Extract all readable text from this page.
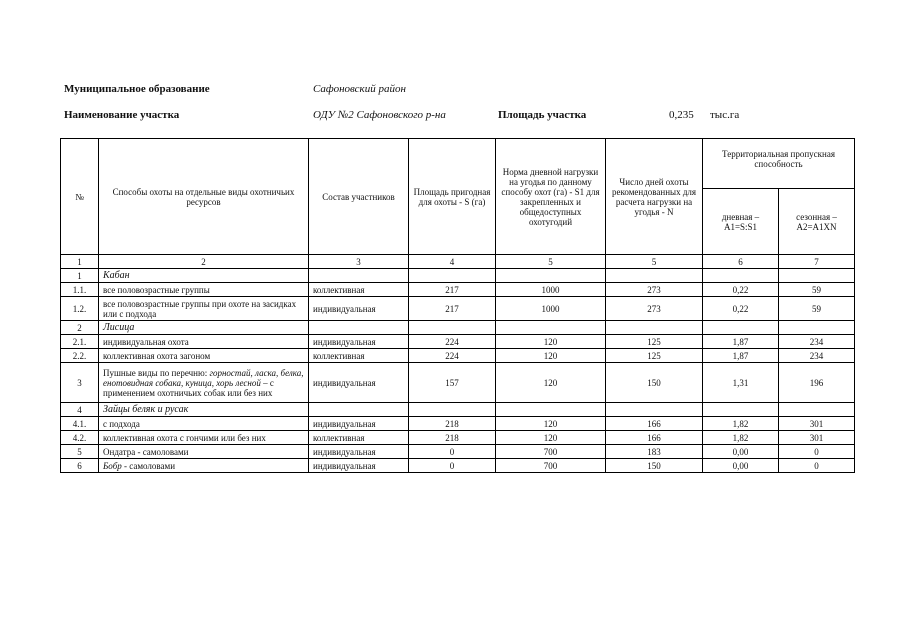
Муниципальное образование	Сафоновский район
Наименование участка	ОДУ №2 Сафоновского р-на	Площадь участка	0,235 тыс.га
№	Способы охоты на отдельные виды охотничьих ресурсов	Состав участников	Площадь пригодная для охоты - S (га)	Норма дневной нагрузки на угодья по данному способу охот (га) - S1 для закрепленных и общедоступных охотугодий	Число дней охоты рекомендованных для расчета нагрузки на угодья - N	Территориальная пропускная способность	
						дневная – A1=S:S1	сезонная – A2=A1XN
1	2	3	4	5	5	6	7
1	Кабан						
1.1.	все половозрастные группы	коллективная	217	1000	273	0,22	59
1.2.	все половозрастные группы при охоте на засидках или с подхода	индивидуальная	217	1000	273	0,22	59
2	Лисица						
2.1.	индивидуальная охота	индивидуальная	224	120	125	1,87	234
2.2.	коллективная охота загоном	коллективная	224	120	125	1,87	234
3	Пушные виды по перечню: горностай, ласка, белка, енотовидная собака, куница, хорь лесной – с применением охотничьих собак или без них	индивидуальная	157	120	150	1,31	196
4	Зайцы беляк и русак						
4.1.	с подхода	индивидуальная	218	120	166	1,82	301
4.2.	коллективная охота с гончими или без них	коллективная	218	120	166	1,82	301
5	Ондатра - самоловами	индивидуальная	0	700	183	0,00	0
6	Бобр - самоловами	индивидуальная	0	700	150	0,00	0
